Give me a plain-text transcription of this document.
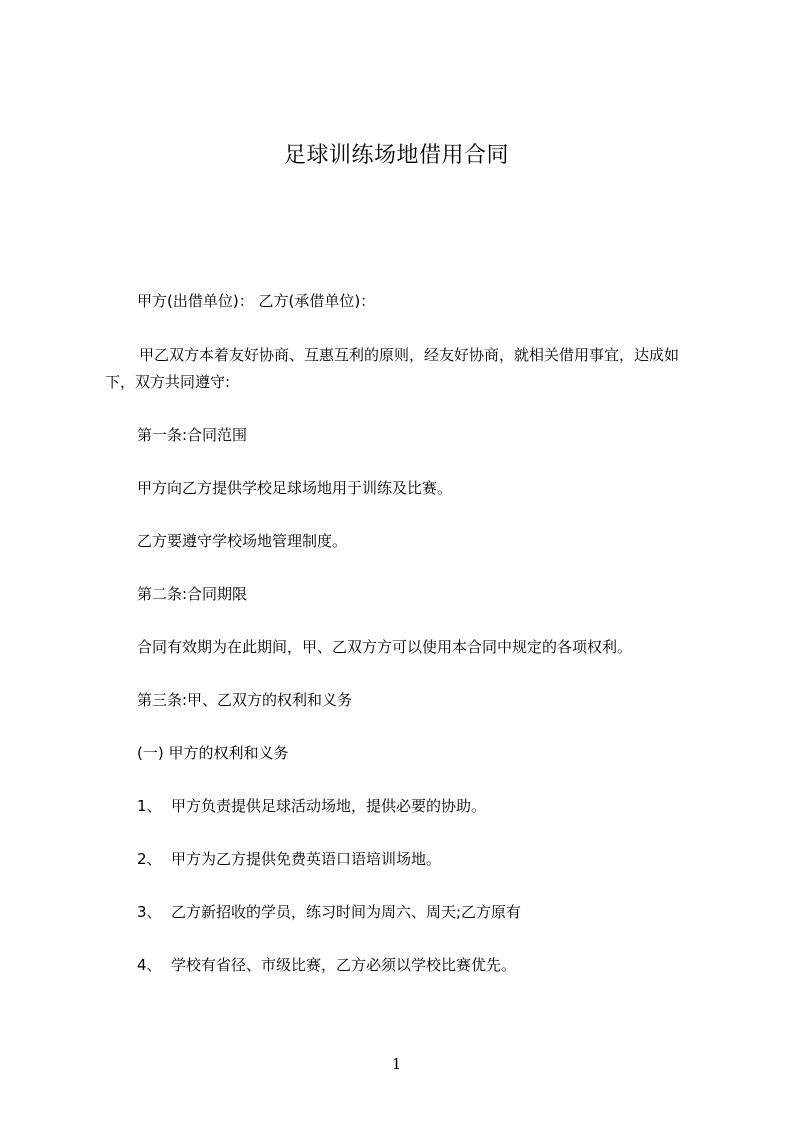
足球训练场地借用合同
甲方(出借单位)： 乙方(承借单位)：
甲乙双方本着友好协商、互惠互利的原则，经友好协商，就相关借用事宜，达成如下，双方共同遵守:
第一条:合同范围
甲方向乙方提供学校足球场地用于训练及比赛。
乙方要遵守学校场地管理制度。
第二条:合同期限
合同有效期为在此期间，甲、乙双方方可以使用本合同中规定的各项权利。
第三条:甲、乙双方的权利和义务
(一) 甲方的权利和义务
1、 甲方负责提供足球活动场地，提供必要的协助。
2、 甲方为乙方提供免费英语口语培训场地。
3、 乙方新招收的学员，练习时间为周六、周天;乙方原有
4、 学校有省径、市级比赛，乙方必须以学校比赛优先。
1
